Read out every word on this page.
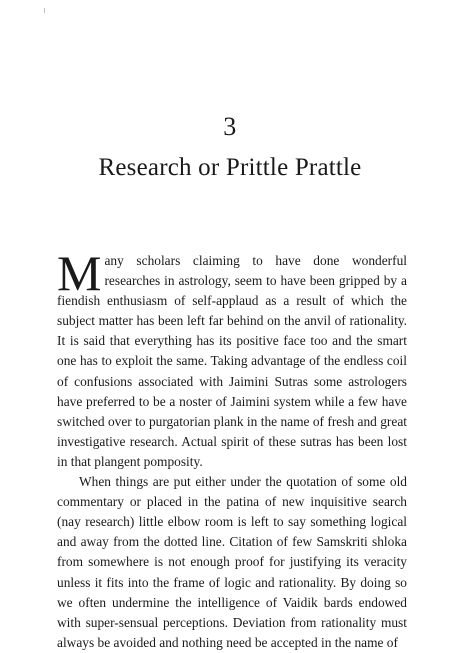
3
Research or Prittle Prattle

Many scholars claiming to have done wonderful researches in astrology, seem to have been gripped by a fiendish enthusiasm of self-applaud as a result of which the subject matter has been left far behind on the anvil of rationality. It is said that everything has its positive face too and the smart one has to exploit the same. Taking advantage of the endless coil of confusions associated with Jaimini Sutras some astrologers have preferred to be a noster of Jaimini system while a few have switched over to purgatorian plank in the name of fresh and great investigative research. Actual spirit of these sutras has been lost in that plangent pomposity.

When things are put either under the quotation of some old commentary or placed in the patina of new inquisitive search (nay research) little elbow room is left to say something logical and away from the dotted line. Citation of few Samskriti shloka from somewhere is not enough proof for justifying its veracity unless it fits into the frame of logic and rationality. By doing so we often undermine the intelligence of Vaidik bards endowed with super-sensual perceptions. Deviation from rationality must always be avoided and nothing need be accepted in the name of
